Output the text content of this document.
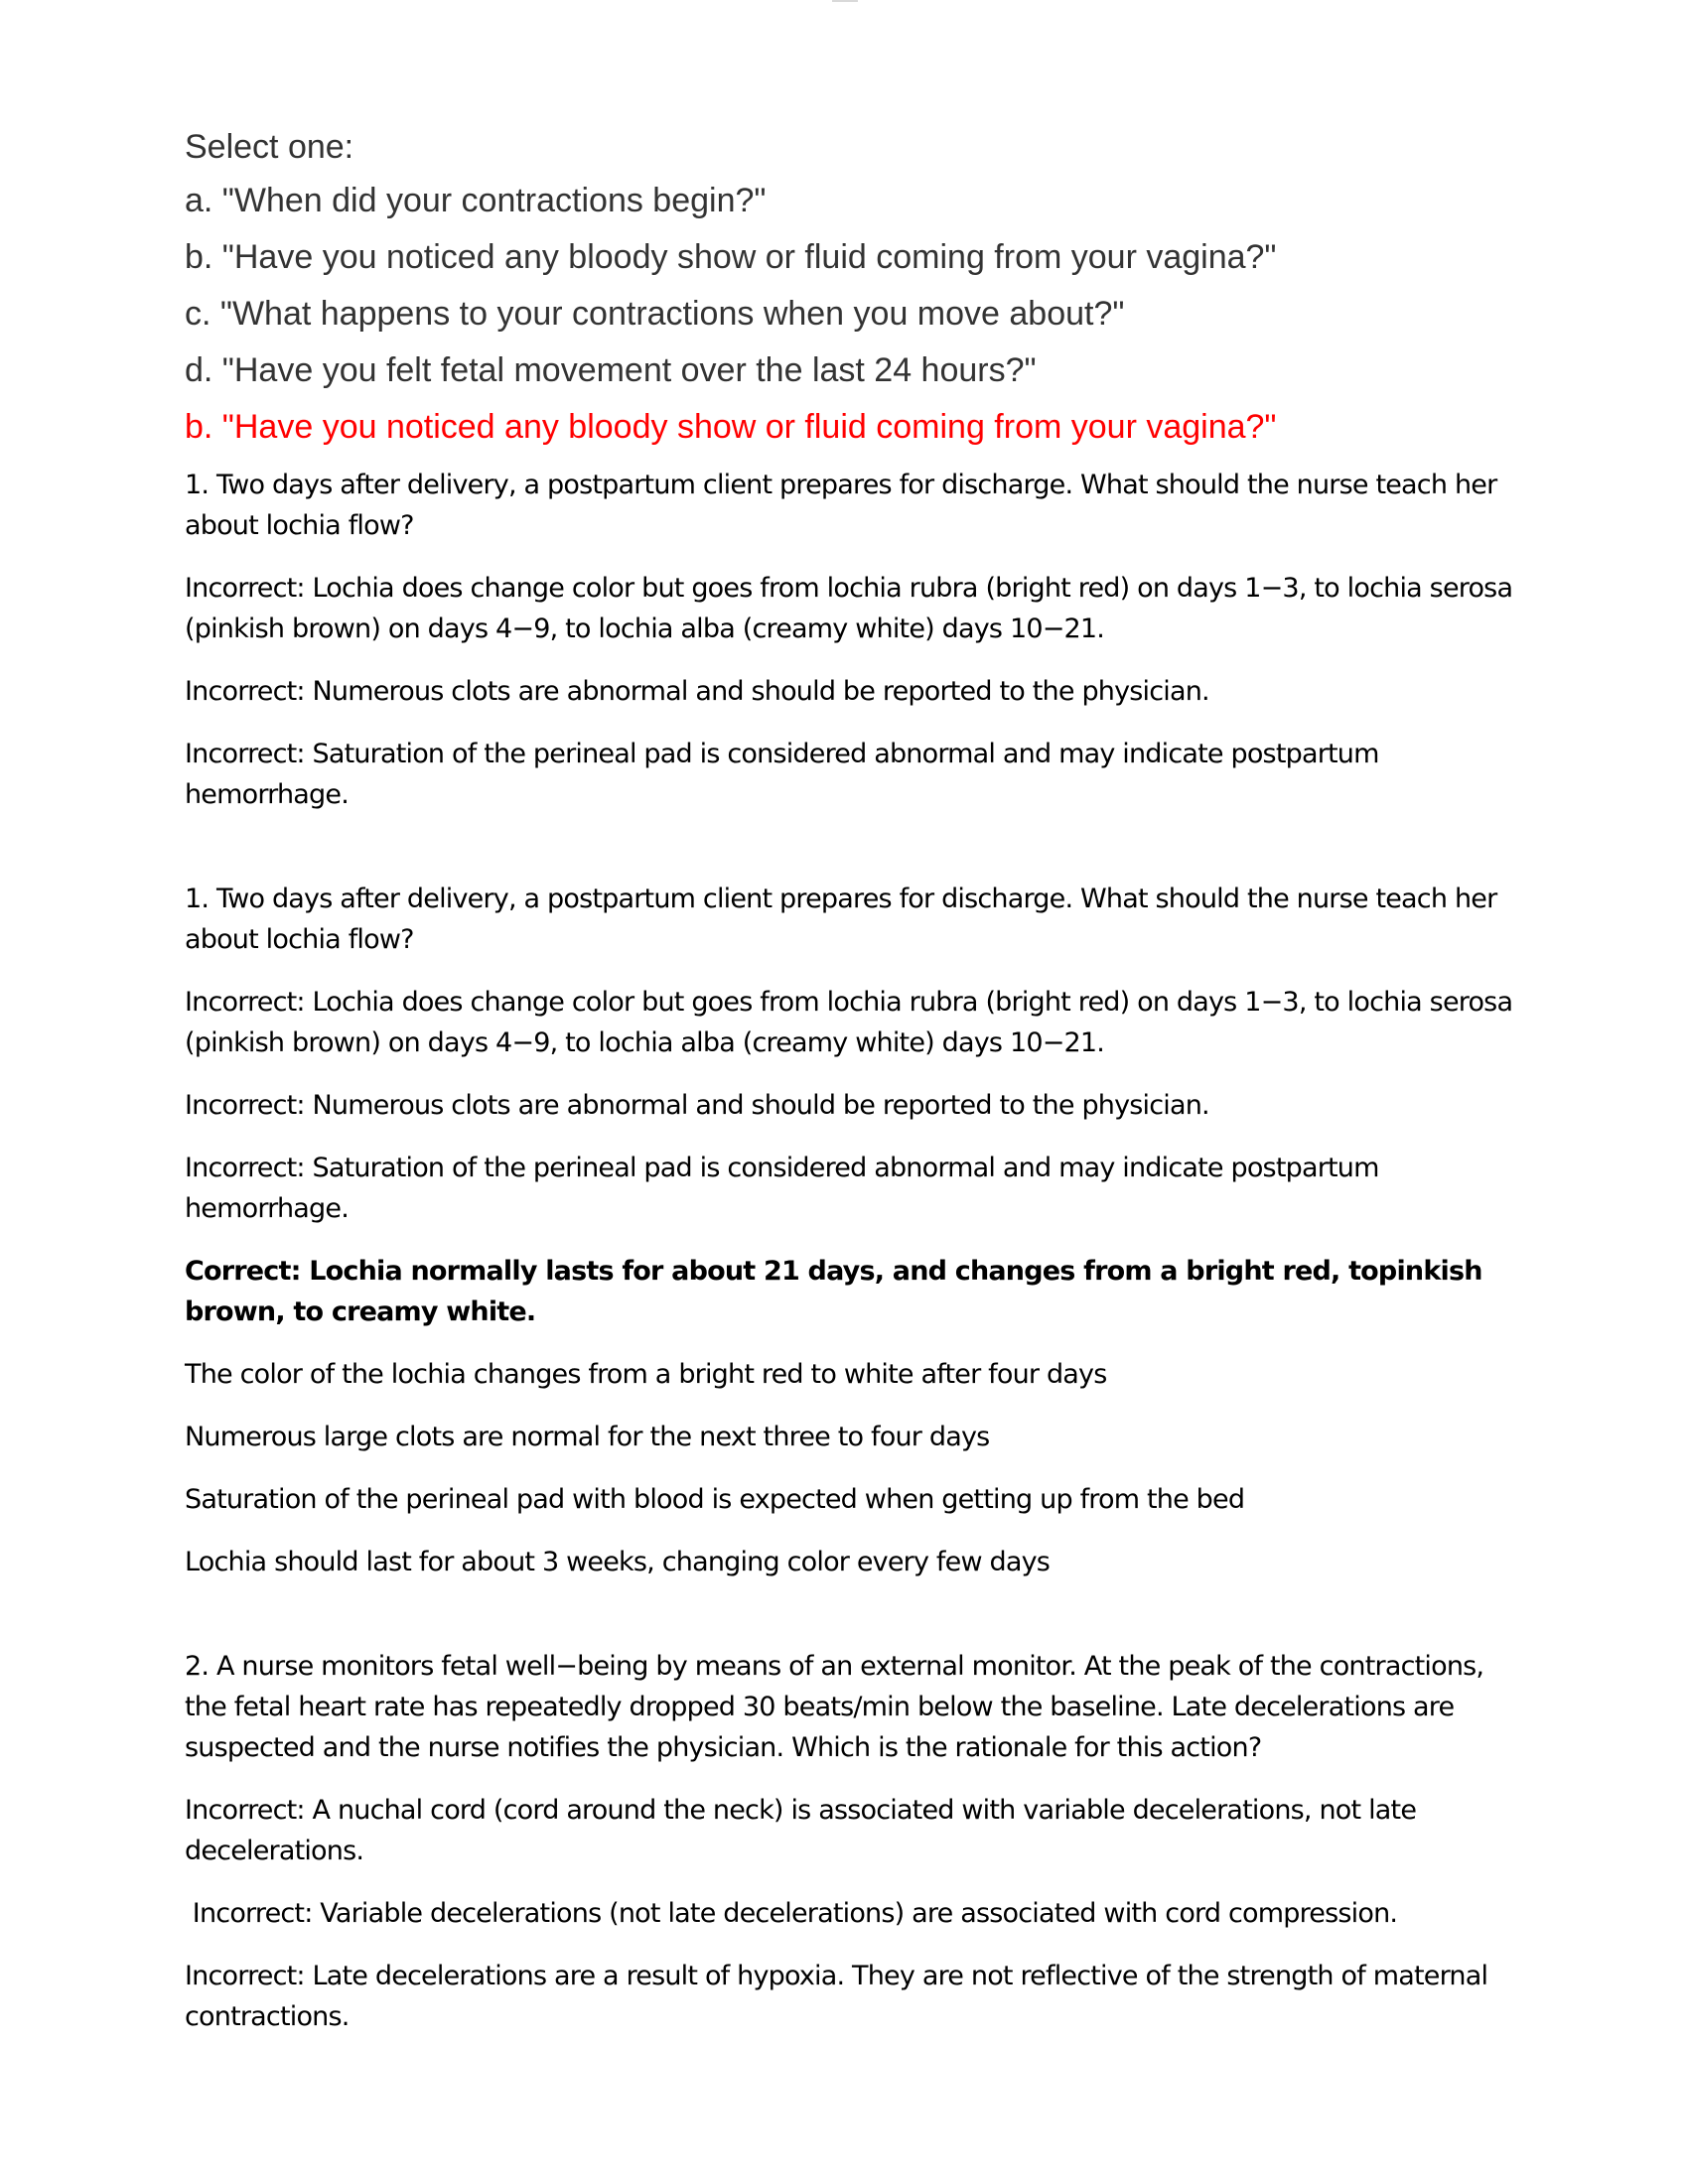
Select one:
a. "When did your contractions begin?"
b. "Have you noticed any bloody show or fluid coming from your vagina?"
c. "What happens to your contractions when you move about?"
d. "Have you felt fetal movement over the last 24 hours?"
b. "Have you noticed any bloody show or fluid coming from your vagina?"
1. Two days after delivery, a postpartum client prepares for discharge. What should the nurse teach her about lochia flow?
Incorrect: Lochia does change color but goes from lochia rubra (bright red) on days 1−3, to lochia serosa (pinkish brown) on days 4−9, to lochia alba (creamy white) days 10−21.
Incorrect: Numerous clots are abnormal and should be reported to the physician.
Incorrect: Saturation of the perineal pad is considered abnormal and may indicate postpartum hemorrhage.
1. Two days after delivery, a postpartum client prepares for discharge. What should the nurse teach her about lochia flow?
Incorrect: Lochia does change color but goes from lochia rubra (bright red) on days 1−3, to lochia serosa (pinkish brown) on days 4−9, to lochia alba (creamy white) days 10−21.
Incorrect: Numerous clots are abnormal and should be reported to the physician.
Incorrect: Saturation of the perineal pad is considered abnormal and may indicate postpartum hemorrhage.
Correct: Lochia normally lasts for about 21 days, and changes from a bright red, topinkish brown, to creamy white.
The color of the lochia changes from a bright red to white after four days
Numerous large clots are normal for the next three to four days
Saturation of the perineal pad with blood is expected when getting up from the bed
Lochia should last for about 3 weeks, changing color every few days
2. A nurse monitors fetal well−being by means of an external monitor. At the peak of the contractions, the fetal heart rate has repeatedly dropped 30 beats/min below the baseline. Late decelerations are suspected and the nurse notifies the physician. Which is the rationale for this action?
Incorrect: A nuchal cord (cord around the neck) is associated with variable decelerations, not late decelerations.
Incorrect: Variable decelerations (not late decelerations) are associated with cord compression.
Incorrect: Late decelerations are a result of hypoxia. They are not reflective of the strength of maternal contractions.
